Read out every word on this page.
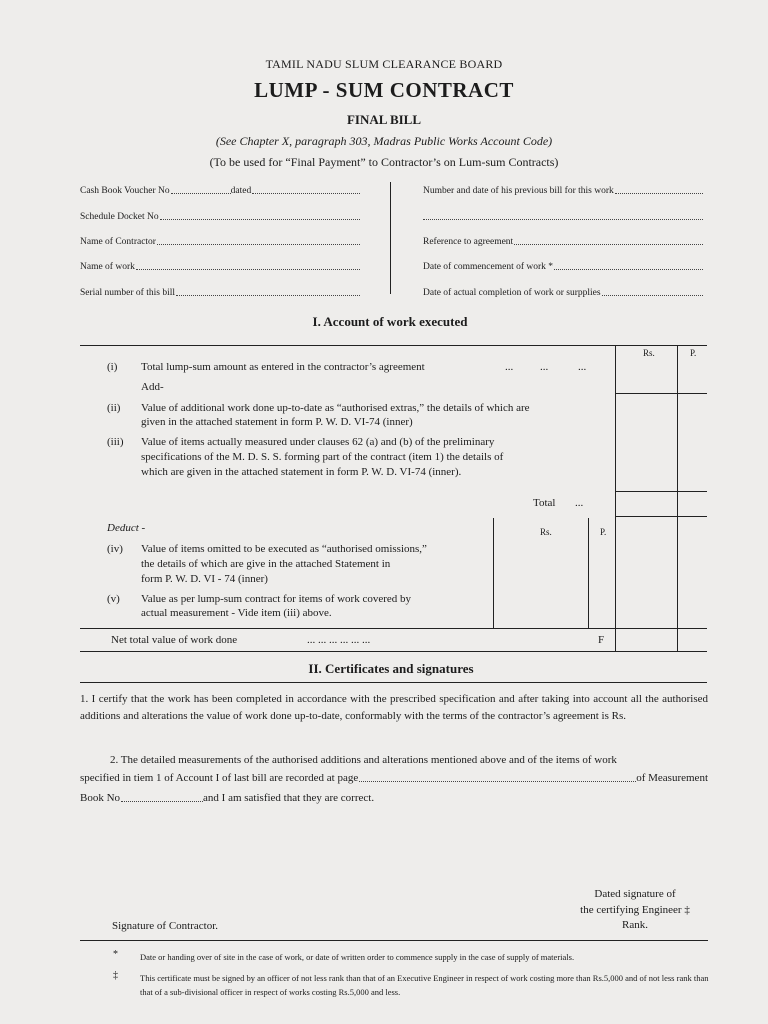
TAMIL NADU SLUM CLEARANCE BOARD
LUMP - SUM CONTRACT
FINAL BILL
(See Chapter X, paragraph 303, Madras Public Works Account Code)
(To be used for “Final Payment” to Contractor’s on Lum-sum Contracts)
Cash Book Voucher No	dated
Schedule Docket No
Name of Contractor
Name of work
Serial number of this bill
Number and date of his previous bill for this work
Reference to agreement
Date of commencement of work *
Date of actual completion of work or surpplies
I. Account of work executed
Rs.	P.
(i) Total lump-sum amount as entered in the contractor’s agreement	... ...	...
Add-
(ii) Value of additional work done up-to-date as “authorised extras,” the details of which are
given in the attached statement in form P. W. D. VI-74 (inner)
(iii) Value of items actually measured under clauses 62 (a) and (b) of the preliminary
specifications of the M. D. S. S. forming part of the contract (item 1) the details of
which are given in the attached statement in form P. W. D. VI-74 (inner).
Total ...
Deduct -	Rs.	P.
(iv) Value of items omitted to be executed as “authorised omissions,”
the details of which are give in the attached Statement in
form P. W. D. VI - 74 (inner)
(v) Value as per lump-sum contract for items of work covered by
actual measurement - Vide item (iii) above.
Net total value of work done	... ... ... ... ... ...	F
II. Certificates and signatures
1. I certify that the work has been completed in accordance with the prescribed specification and after taking into account all the authorised additions and alterations the value of work done up-to-date, conformably with the terms of the contractor’s agreement is Rs.
2. The detailed measurements of the authorised additions and alterations mentioned above and of the items of work
specified in tiem 1 of Account I of last bill are recorded at page	of Measurement
Book No	and I am satisfied that they are correct.
Dated signature of
the certifying Engineer ‡
Rank.
Signature of Contractor.
*	Date or handing over of site in the case of work, or date of written order to commence supply in the case of supply of materials.
‡	This certificate must be signed by an officer of not less rank than that of an Executive Engineer in respect of work costing more than Rs.5,000 and of not less rank than that of a sub-divisional officer in respect of works costing Rs.5,000 and less.
